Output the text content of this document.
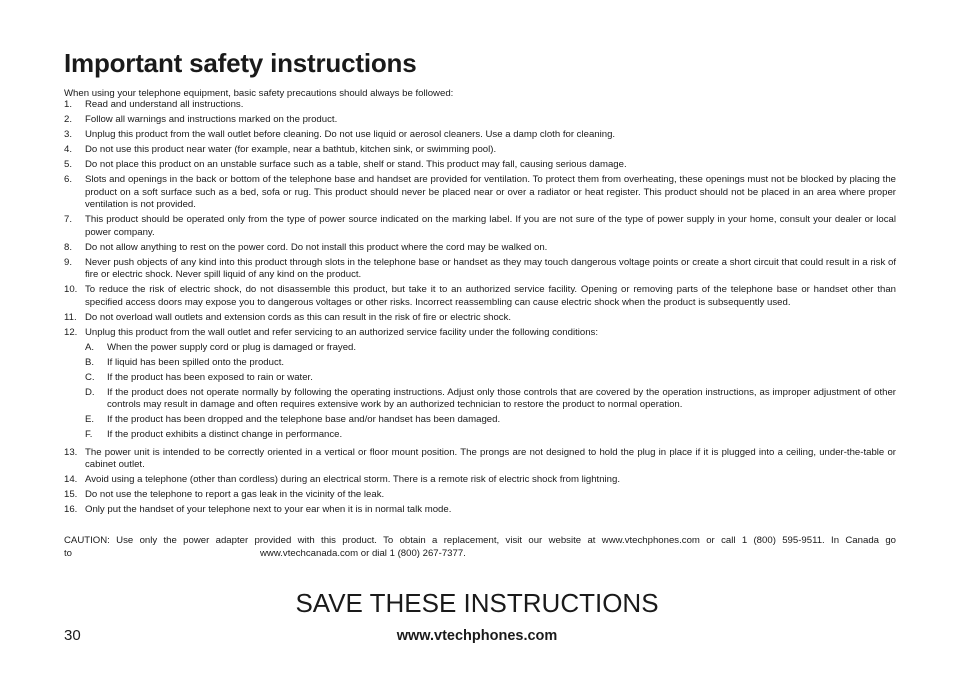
Important safety instructions
When using your telephone equipment, basic safety precautions should always be followed:
1.	Read and understand all instructions.
2.	Follow all warnings and instructions marked on the product.
3.	Unplug this product from the wall outlet before cleaning. Do not use liquid or aerosol cleaners. Use a damp cloth for cleaning.
4.	Do not use this product near water (for example, near a bathtub, kitchen sink, or swimming pool).
5.	Do not place this product on an unstable surface such as a table, shelf or stand. This product may fall, causing serious damage.
6.	Slots and openings in the back or bottom of the telephone base and handset are provided for ventilation. To protect them from overheating, these openings must not be blocked by placing the product on a soft surface such as a bed, sofa or rug. This product should never be placed near or over a radiator or heat register. This product should not be placed in an area where proper ventilation is not provided.
7.	This product should be operated only from the type of power source indicated on the marking label. If you are not sure of the type of power supply in your home, consult your dealer or local power company.
8.	Do not allow anything to rest on the power cord. Do not install this product where the cord may be walked on.
9.	Never push objects of any kind into this product through slots in the telephone base or handset as they may touch dangerous voltage points or create a short circuit that could result in a risk of fire or electric shock. Never spill liquid of any kind on the product.
10. To reduce the risk of electric shock, do not disassemble this product, but take it to an authorized service facility. Opening or removing parts of the telephone base or handset other than specified access doors may expose you to dangerous voltages or other risks. Incorrect reassembling can cause electric shock when the product is subsequently used.
11. Do not overload wall outlets and extension cords as this can result in the risk of fire or electric shock.
12. Unplug this product from the wall outlet and refer servicing to an authorized service facility under the following conditions:
A.	When the power supply cord or plug is damaged or frayed.
B.	If liquid has been spilled onto the product.
C.	If the product has been exposed to rain or water.
D.	If the product does not operate normally by following the operating instructions. Adjust only those controls that are covered by the operation instructions, as improper adjustment of other controls may result in damage and often requires extensive work by an authorized technician to restore the product to normal operation.
E.	If the product has been dropped and the telephone base and/or handset has been damaged.
F.	If the product exhibits a distinct change in performance.
13. The power unit is intended to be correctly oriented in a vertical or floor mount position. The prongs are not designed to hold the plug in place if it is plugged into a ceiling, under-the-table or cabinet outlet.
14. Avoid using a telephone (other than cordless) during an electrical storm. There is a remote risk of electric shock from lightning.
15. Do not use the telephone to report a gas leak in the vicinity of the leak.
16. Only put the handset of your telephone next to your ear when it is in normal talk mode.
CAUTION: Use only the power adapter provided with this product. To obtain a replacement, visit our website at www.vtechphones.com or call 1 (800) 595-9511. In Canada go
to	www.vtechcanada.com or dial 1 (800) 267-7377.
SAVE THESE INSTRUCTIONS
30	www.vtechphones.com
